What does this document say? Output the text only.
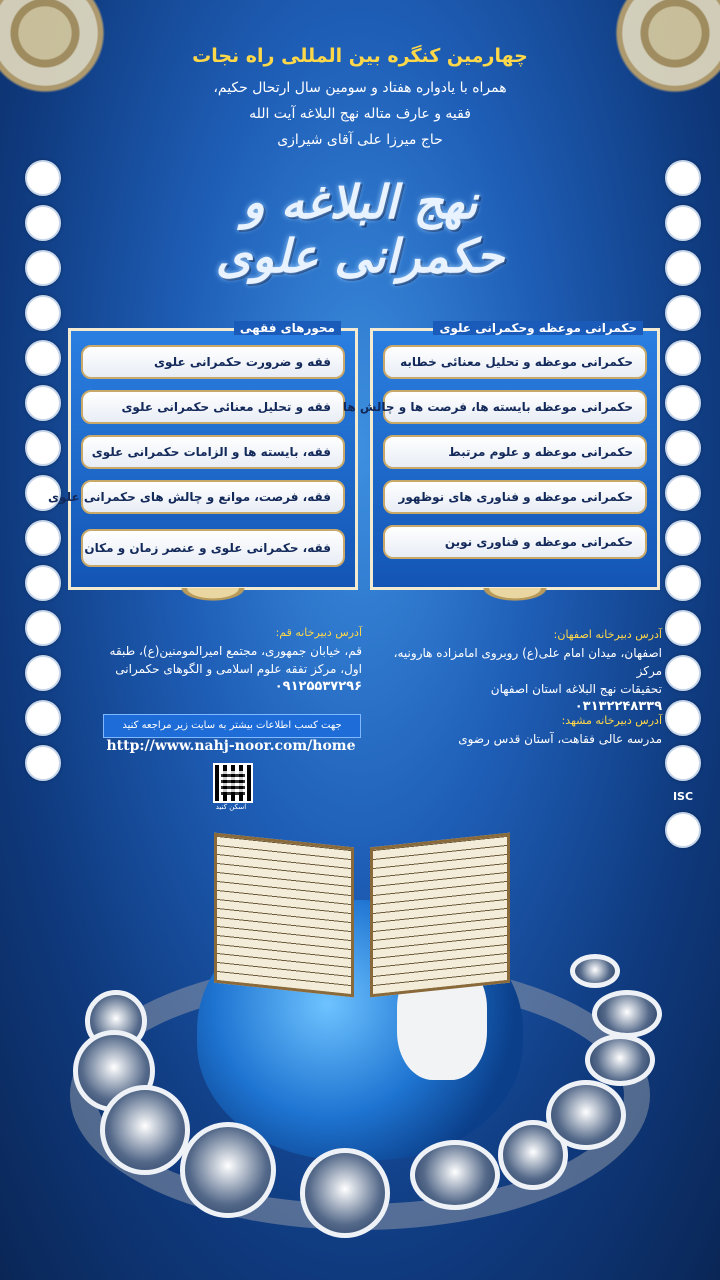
چهارمین کنگره بین المللی راه نجات
همراه با یادواره هفتاد و سومین سال ارتحال حکیم،
فقیه و عارف متاله نهج البلاغه آیت الله
حاج میرزا علی آقای شیرازی
نهج البلاغه و حکمرانی علوی
ISC
محورهای فقهی
فقه و ضرورت حکمرانی علوی
فقه و تحلیل معنائی حکمرانی علوی
فقه، بایسته ها و الزامات حکمرانی علوی
فقه، فرصت، موانع و چالش های حکمرانی علوی
فقه، حکمرانی علوی و عنصر زمان و مکان
حکمرانی موعظه وحکمرانی علوی
حکمرانی موعظه و تحلیل معنائی خطابه
حکمرانی موعظه بایسته ها، فرصت ها و چالش ها
حکمرانی موعظه و علوم مرتبط
حکمرانی موعظه و فناوری های نوظهور
حکمرانی موعظه و فناوری نوین
آدرس دبیرخانه قم:
قم، خیابان جمهوری، مجتمع امیرالمومنین(ع)، طبقه
اول، مرکز تفقه علوم اسلامی و الگوهای حکمرانی
۰۹۱۲۵۵۳۷۲۹۶
آدرس دبیرخانه اصفهان:
اصفهان، میدان امام علی(ع) روبروی امامزاده هارونیه، مرکز
تحقیقات نهج البلاغه استان اصفهان
۰۳۱۳۲۲۴۸۳۳۹
آدرس دبیرخانه مشهد:
مدرسه عالی فقاهت، آستان قدس رضوی
جهت کسب اطلاعات بیشتر به سایت زیر مراجعه کنید
http://www.nahj-noor.com/home
اسکن کنید
